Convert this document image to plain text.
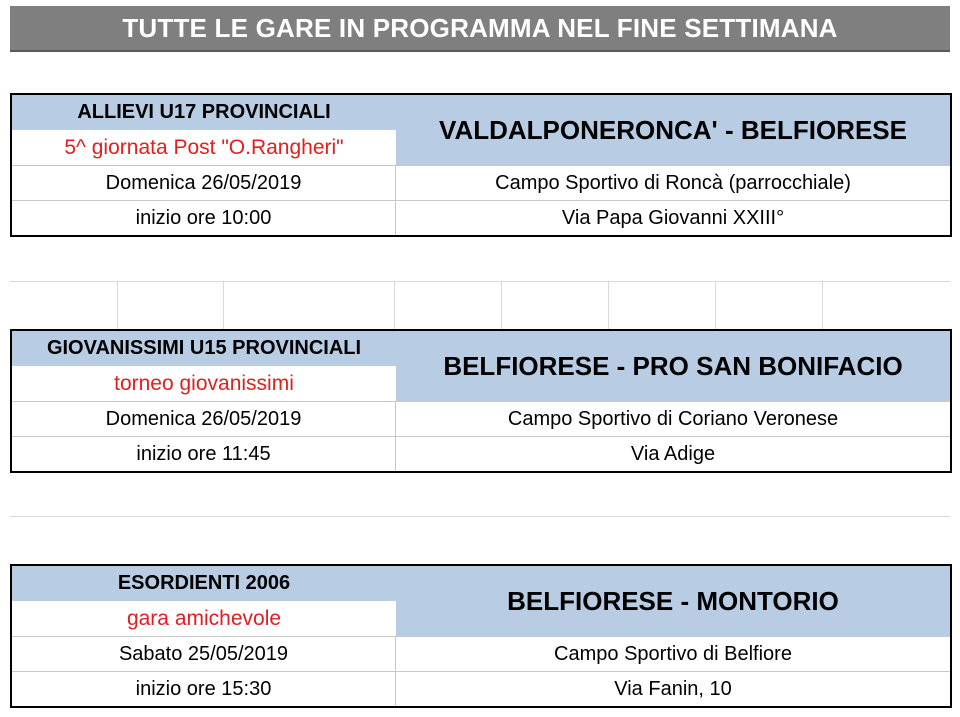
TUTTE LE GARE IN PROGRAMMA NEL FINE SETTIMANA
ALLIEVI U17 PROVINCIALI
5^ giornata Post "O.Rangheri"
VALDALPONERONCA' - BELFIORESE
Domenica 26/05/2019	Campo Sportivo di Roncà (parrocchiale)
inizio ore 10:00	Via Papa Giovanni XXIII°
GIOVANISSIMI U15 PROVINCIALI
torneo giovanissimi
BELFIORESE - PRO SAN BONIFACIO
Domenica 26/05/2019	Campo Sportivo di Coriano Veronese
inizio ore 11:45	Via Adige
ESORDIENTI 2006
gara amichevole
BELFIORESE - MONTORIO
Sabato 25/05/2019	Campo Sportivo di Belfiore
inizio ore 15:30	Via Fanin, 10
